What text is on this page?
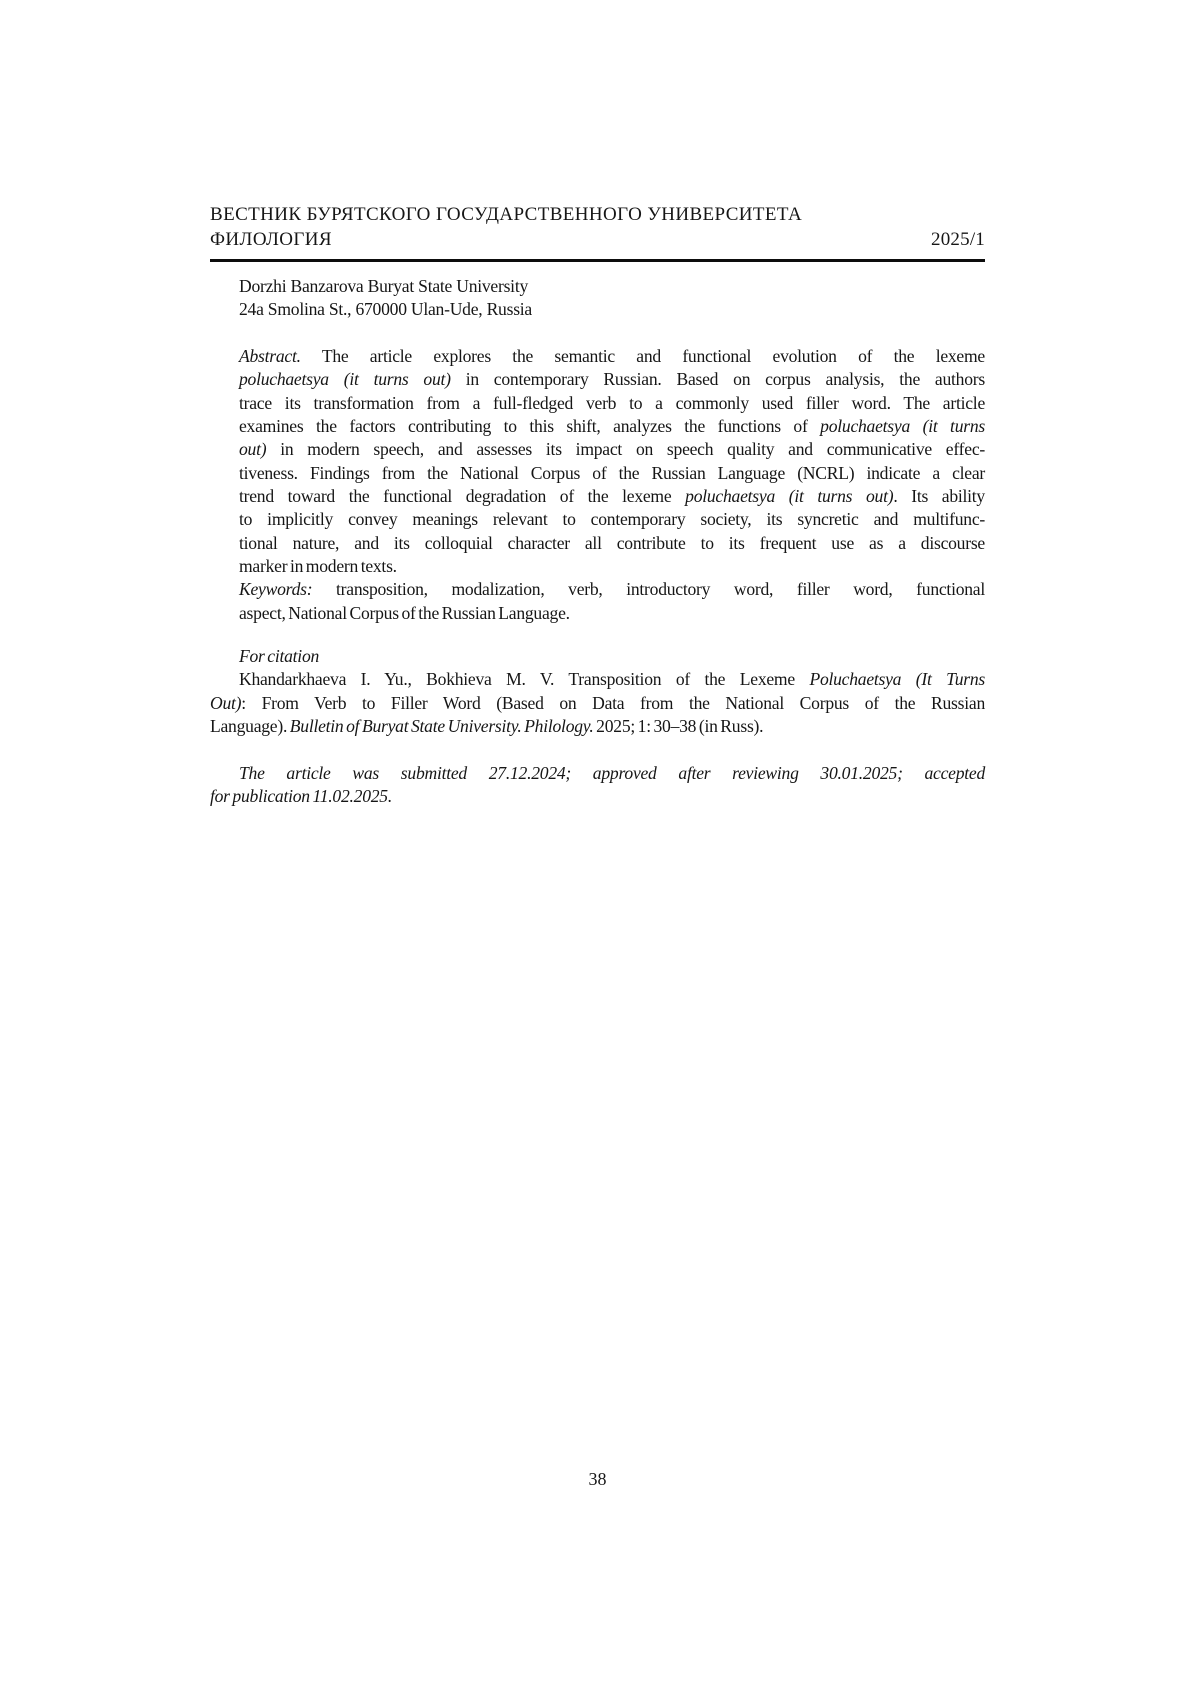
ВЕСТНИК БУРЯТСКОГО ГОСУДАРСТВЕННОГО УНИВЕРСИТЕТА
ФИЛОЛОГИЯ	2025/1
Dorzhi Banzarova Buryat State University
24a Smolina St., 670000 Ulan-Ude, Russia
Abstract. The article explores the semantic and functional evolution of the lexeme
poluchaetsya (it turns out) in contemporary Russian. Based on corpus analysis, the authors
trace its transformation from a full-fledged verb to a commonly used filler word. The article
examines the factors contributing to this shift, analyzes the functions of poluchaetsya (it turns
out) in modern speech, and assesses its impact on speech quality and communicative effec-
tiveness. Findings from the National Corpus of the Russian Language (NCRL) indicate a clear
trend toward the functional degradation of the lexeme poluchaetsya (it turns out). Its ability
to implicitly convey meanings relevant to contemporary society, its syncretic and multifunc-
tional nature, and its colloquial character all contribute to its frequent use as a discourse
marker in modern texts.
Keywords: transposition, modalization, verb, introductory word, filler word, functional
aspect, National Corpus of the Russian Language.
For citation
Khandarkhaeva I. Yu., Bokhieva M. V. Transposition of the Lexeme Poluchaetsya (It Turns
Out): From Verb to Filler Word (Based on Data from the National Corpus of the Russian
Language). Bulletin of Buryat State University. Philology. 2025; 1: 30–38 (in Russ).
The article was submitted 27.12.2024; approved after reviewing 30.01.2025; accepted
for publication 11.02.2025.
38
